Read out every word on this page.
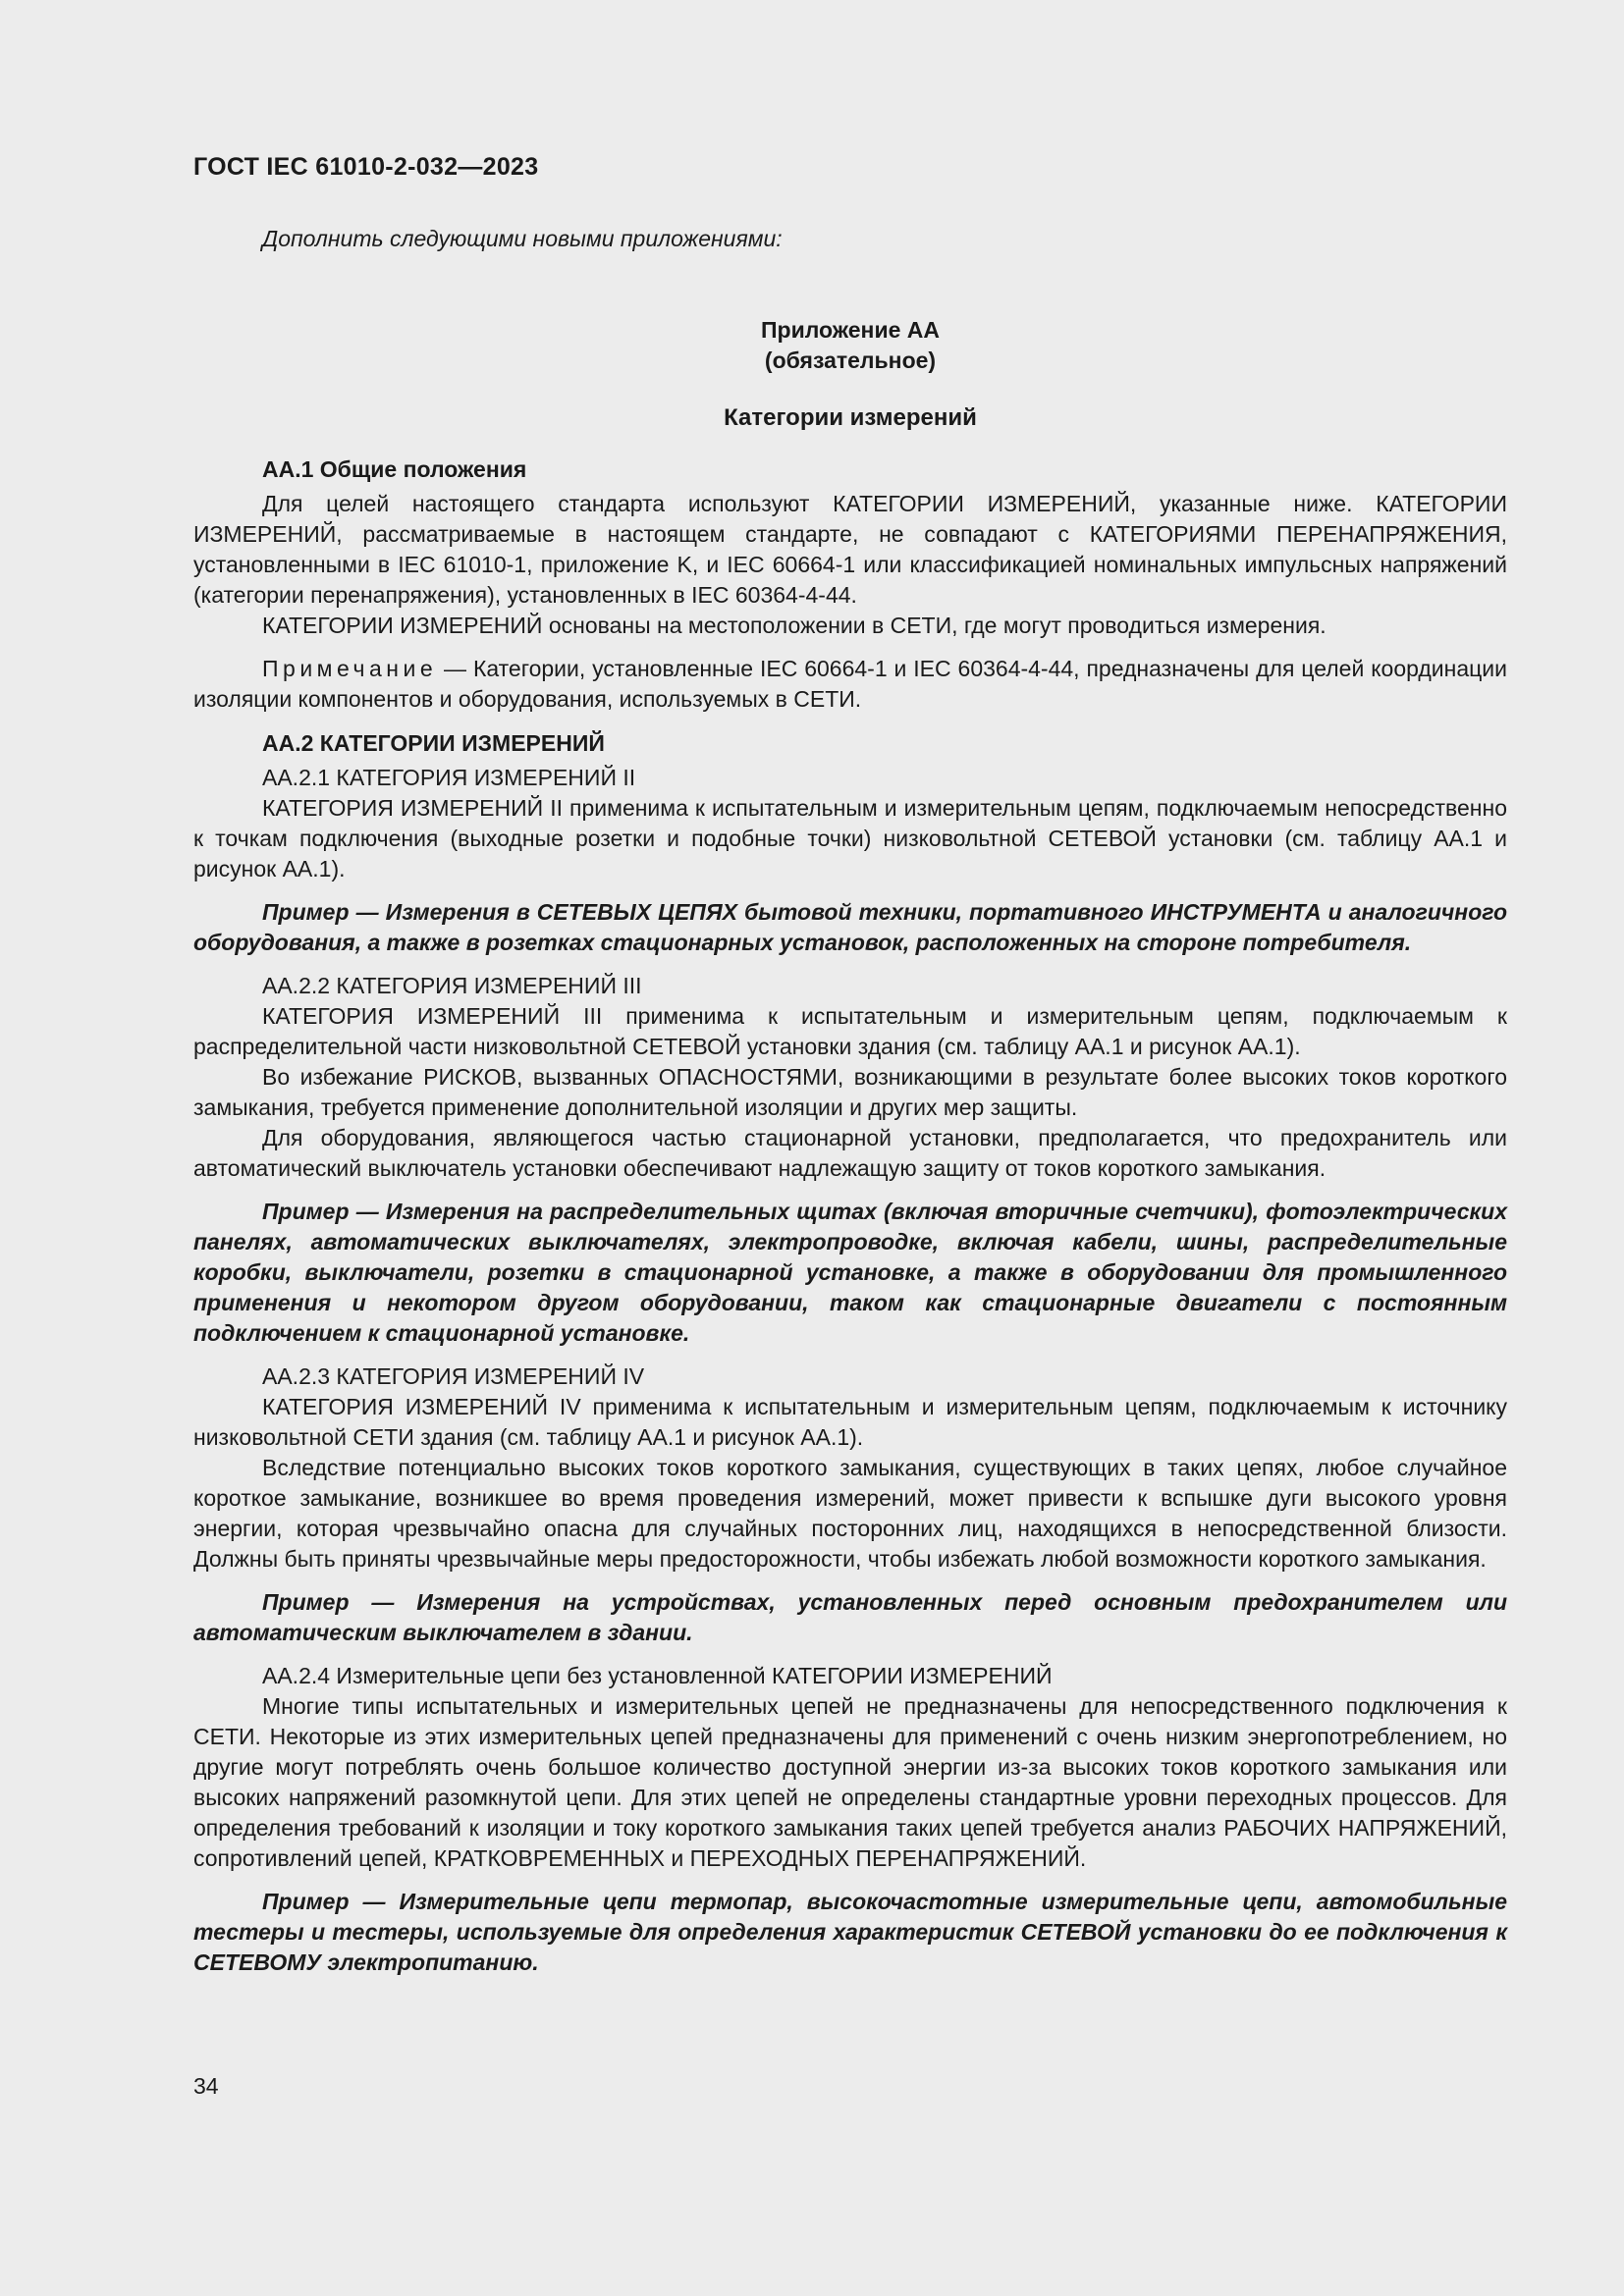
ГОСТ IEC 61010-2-032—2023

Дополнить следующими новыми приложениями:

Приложение AA

(обязательное)

Категории измерений

AA.1 Общие положения

Для целей настоящего стандарта используют КАТЕГОРИИ ИЗМЕРЕНИЙ, указанные ниже. КАТЕГОРИИ ИЗМЕРЕНИЙ, рассматриваемые в настоящем стандарте, не совпадают с КАТЕГОРИЯМИ ПЕРЕНАПРЯЖЕНИЯ, установленными в IEC 61010-1, приложение K, и IEC 60664-1 или классификацией номинальных импульсных напряжений (категории перенапряжения), установленных в IEC 60364-4-44.

КАТЕГОРИИ ИЗМЕРЕНИЙ основаны на местоположении в СЕТИ, где могут проводиться измерения.

Примечание — Категории, установленные IEC 60664-1 и IEC 60364-4-44, предназначены для целей координации изоляции компонентов и оборудования, используемых в СЕТИ.

AA.2 КАТЕГОРИИ ИЗМЕРЕНИЙ

AA.2.1 КАТЕГОРИЯ ИЗМЕРЕНИЙ II

КАТЕГОРИЯ ИЗМЕРЕНИЙ II применима к испытательным и измерительным цепям, подключаемым непосредственно к точкам подключения (выходные розетки и подобные точки) низковольтной СЕТЕВОЙ установки (см. таблицу AA.1 и рисунок AA.1).

Пример — Измерения в СЕТЕВЫХ ЦЕПЯХ бытовой техники, портативного ИНСТРУМЕНТА и аналогичного оборудования, а также в розетках стационарных установок, расположенных на стороне потребителя.

AA.2.2 КАТЕГОРИЯ ИЗМЕРЕНИЙ III

КАТЕГОРИЯ ИЗМЕРЕНИЙ III применима к испытательным и измерительным цепям, подключаемым к распределительной части низковольтной СЕТЕВОЙ установки здания (см. таблицу AA.1 и рисунок AA.1).

Во избежание РИСКОВ, вызванных ОПАСНОСТЯМИ, возникающими в результате более высоких токов короткого замыкания, требуется применение дополнительной изоляции и других мер защиты.

Для оборудования, являющегося частью стационарной установки, предполагается, что предохранитель или автоматический выключатель установки обеспечивают надлежащую защиту от токов короткого замыкания.

Пример — Измерения на распределительных щитах (включая вторичные счетчики), фотоэлектрических панелях, автоматических выключателях, электропроводке, включая кабели, шины, распределительные коробки, выключатели, розетки в стационарной установке, а также в оборудовании для промышленного применения и некотором другом оборудовании, таком как стационарные двигатели с постоянным подключением к стационарной установке.

AA.2.3 КАТЕГОРИЯ ИЗМЕРЕНИЙ IV

КАТЕГОРИЯ ИЗМЕРЕНИЙ IV применима к испытательным и измерительным цепям, подключаемым к источнику низковольтной СЕТИ здания (см. таблицу AA.1 и рисунок AA.1).

Вследствие потенциально высоких токов короткого замыкания, существующих в таких цепях, любое случайное короткое замыкание, возникшее во время проведения измерений, может привести к вспышке дуги высокого уровня энергии, которая чрезвычайно опасна для случайных посторонних лиц, находящихся в непосредственной близости. Должны быть приняты чрезвычайные меры предосторожности, чтобы избежать любой возможности короткого замыкания.

Пример — Измерения на устройствах, установленных перед основным предохранителем или автоматическим выключателем в здании.

AA.2.4 Измерительные цепи без установленной КАТЕГОРИИ ИЗМЕРЕНИЙ

Многие типы испытательных и измерительных цепей не предназначены для непосредственного подключения к СЕТИ. Некоторые из этих измерительных цепей предназначены для применений с очень низким энергопотреблением, но другие могут потреблять очень большое количество доступной энергии из-за высоких токов короткого замыкания или высоких напряжений разомкнутой цепи. Для этих цепей не определены стандартные уровни переходных процессов. Для определения требований к изоляции и току короткого замыкания таких цепей требуется анализ РАБОЧИХ НАПРЯЖЕНИЙ, сопротивлений цепей, КРАТКОВРЕМЕННЫХ и ПЕРЕХОДНЫХ ПЕРЕНАПРЯЖЕНИЙ.

Пример — Измерительные цепи термопар, высокочастотные измерительные цепи, автомобильные тестеры и тестеры, используемые для определения характеристик СЕТЕВОЙ установки до ее подключения к СЕТЕВОМУ электропитанию.

34
